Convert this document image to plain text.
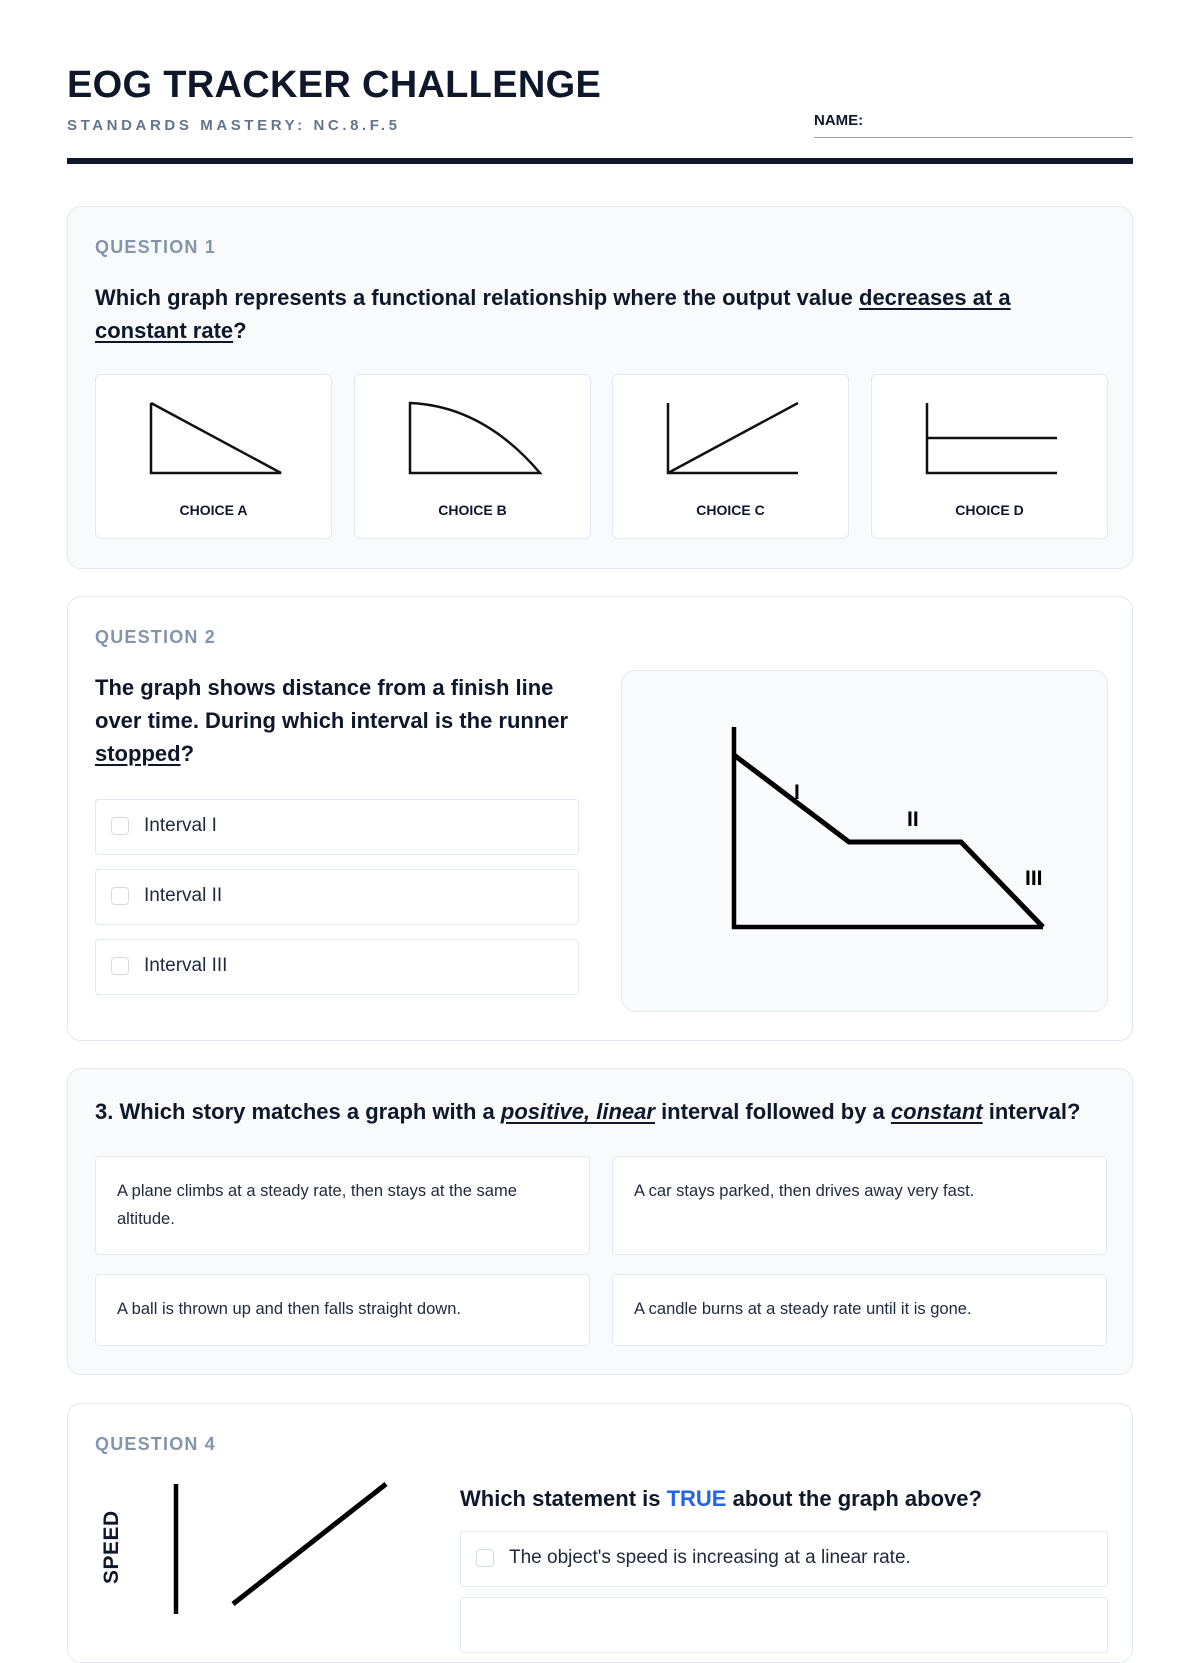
EOG TRACKER CHALLENGE
STANDARDS MASTERY: NC.8.F.5	NAME:
QUESTION 1
Which graph represents a functional relationship where the output value decreases at a constant rate?
CHOICE A	CHOICE B	CHOICE C	CHOICE D
QUESTION 2
The graph shows distance from a finish line over time. During which interval is the runner stopped?
Interval I
Interval II
Interval III
I
II
III
3. Which story matches a graph with a positive, linear interval followed by a constant interval?
A plane climbs at a steady rate, then stays at the same altitude.
A car stays parked, then drives away very fast.
A ball is thrown up and then falls straight down.	A candle burns at a steady rate until it is gone.
QUESTION 4
SPEED
Which statement is TRUE about the graph above?
The object's speed is increasing at a linear rate.
